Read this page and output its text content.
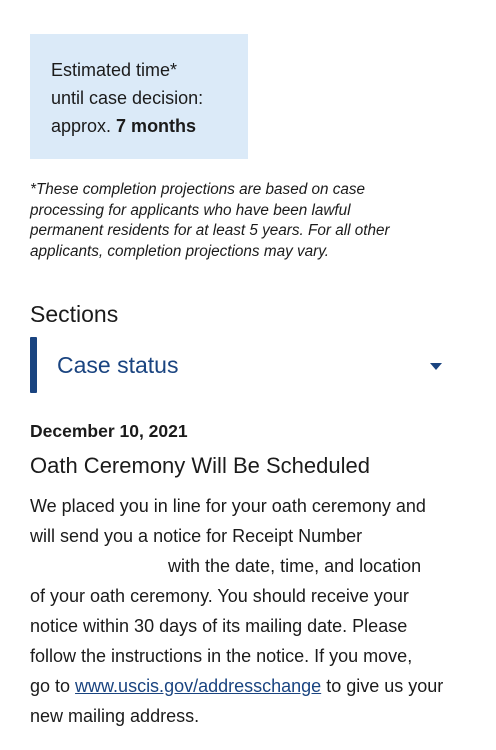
Estimated time*
until case decision:
approx. 7 months
*These completion projections are based on case
processing for applicants who have been lawful
permanent residents for at least 5 years. For all other
applicants, completion projections may vary.
Sections
Case status
December 10, 2021
Oath Ceremony Will Be Scheduled
We placed you in line for your oath ceremony and
will send you a notice for Receipt Number
with the date, time, and location
of your oath ceremony. You should receive your
notice within 30 days of its mailing date. Please
follow the instructions in the notice. If you move,
go to www.uscis.gov/addresschange to give us your
new mailing address.
